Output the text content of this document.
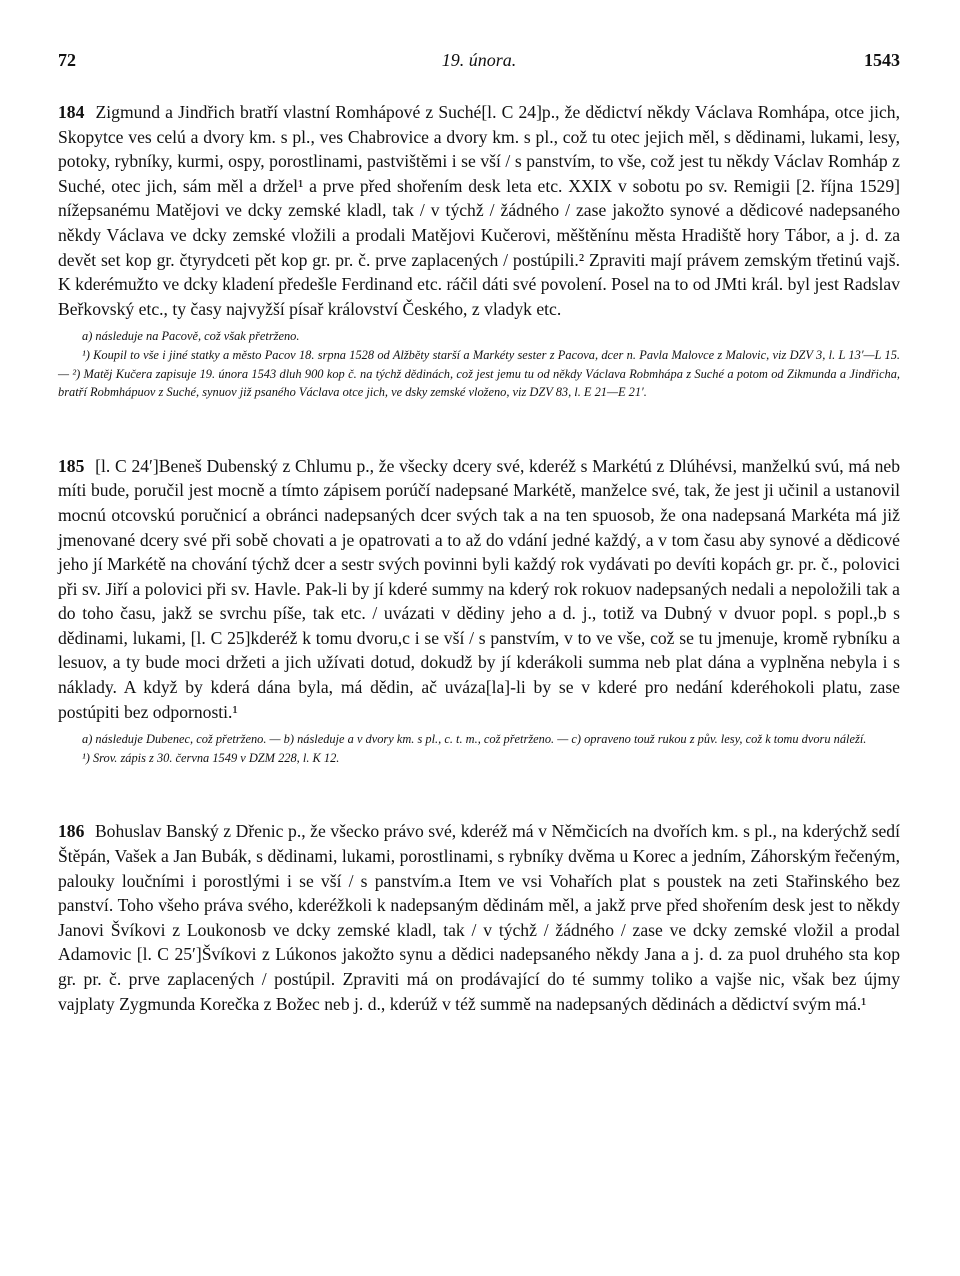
72	19. února.	1543
184 Zigmund a Jindřich bratří vlastní Romhápové z Suché[l. C 24]p., že dědictví někdy Václava Romhápa, otce jich, Skopytce ves celú a dvory km. s pl., ves Chabrovice a dvory km. s pl., což tu otec jejich měl, s dědinami, lukami, lesy, potoky, rybníky, kurmi, ospy, porostlinami, pastvištěmi i se vší / s panstvím, to vše, což jest tu někdy Václav Romháp z Suché, otec jich, sám měl a držel¹ a prve před shořením desk leta etc. XXIX v sobotu po sv. Remigii [2. října 1529] nížepsanému Matějovi ve dcky zemské kladl, tak / v týchž / žádného / zase jakožto synové a dědicové nadepsaného někdy Václava ve dcky zemské vložili a prodali Matějovi Kučerovi, měštěnínu města Hradiště hory Tábor, a j. d. za devět set kop gr. čtyrydceti pět kop gr. pr. č. prve zaplacených / postúpili.² Zpraviti mají právem zemským třetinú vajš. K kderémužto ve dcky kladení předešle Ferdinand etc. ráčil dáti své povolení. Posel na to od JMti král. byl jest Radslav Beřkovský etc., ty časy najvyžší písař království Českého, z vladyk etc.

a) následuje na Pacově, což však přetrženo.

¹) Koupil to vše i jiné statky a město Pacov 18. srpna 1528 od Alžběty starší a Markéty sester z Pacova, dcer n. Pavla Malovce z Malovic, viz DZV 3, l. L 13′—L 15. — ²) Matěj Kučera zapisuje 19. února 1543 dluh 900 kop č. na týchž dědinách, což jest jemu tu od někdy Václava Robmhápa z Suché a potom od Zikmunda a Jindřicha, bratří Robmhápuov z Suché, synuov již psaného Václava otce jich, ve dsky zemské vloženo, viz DZV 83, l. E 21—E 21′.

185 [l. C 24′]Beneš Dubenský z Chlumu p., že všecky dcery své, kderéž s Markétú z Dlúhévsi, manželkú svú, má neb míti bude, poručil jest mocně a tímto zápisem porúčí nadepsané Markétě, manželce své, tak, že jest ji učinil a ustanovil mocnú otcovskú poručnicí a obránci nadepsaných dcer svých tak a na ten spuosob, že ona nadepsaná Markéta má již jmenované dcery své při sobě chovati a je opatrovati a to až do vdání jedné každý, a v tom času aby synové a dědicové jeho jí Markétě na chování týchž dcer a sestr svých povinni byli každý rok vydávati po devíti kopách gr. pr. č., polovici při sv. Jiří a polovici při sv. Havle. Pak-li by jí kderé summy na kderý rok rokuov nadepsaných nedali a nepoložili tak a do toho času, jakž se svrchu píše, tak etc. / uvázati v dědiny jeho a d. j., totiž va Dubný v dvuor popl. s popl.,b s dědinami, lukami, [l. C 25]kderéž k tomu dvoru,c i se vší / s panstvím, v to ve vše, což se tu jmenuje, kromě rybníku a lesuov, a ty bude moci držeti a jich užívati dotud, dokudž by jí kderákoli summa neb plat dána a vyplněna nebyla i s náklady. A když by kderá dána byla, má dědin, ač uváza[la]-li by se v kderé pro nedání kderéhokoli platu, zase postúpiti bez odpornosti.¹

a) následuje Dubenec, což přetrženo. — b) následuje a v dvory km. s pl., c. t. m., což přetrženo. — c) opraveno touž rukou z pův. lesy, což k tomu dvoru náleží.

¹) Srov. zápis z 30. června 1549 v DZM 228, l. K 12.

186 Bohuslav Banský z Dřenic p., že všecko právo své, kderéž má v Němčicích na dvořích km. s pl., na kderýchž sedí Štěpán, Vašek a Jan Bubák, s dědinami, lukami, porostlinami, s rybníky dvěma u Korec a jedním, Záhorským řečeným, palouky loučními i porostlými i se vší / s panstvím.a Item ve vsi Vohařích plat s poustek na zeti Stařinského bez panství. Toho všeho práva svého, kderéžkoli k nadepsaným dědinám měl, a jakž prve před shořením desk jest to někdy Janovi Švíkovi z Loukonosb ve dcky zemské kladl, tak / v týchž / žádného / zase ve dcky zemské vložil a prodal Adamovic [l. C 25′]Švíkovi z Lúkonos jakožto synu a dědici nadepsaného někdy Jana a j. d. za puol druhého sta kop gr. pr. č. prve zaplacených / postúpil. Zpraviti má on prodávající do té summy toliko a vajše nic, však bez újmy vajplaty Zygmunda Korečka z Božec neb j. d., kderúž v též summě na nadepsaných dědinách a dědictví svým má.¹
